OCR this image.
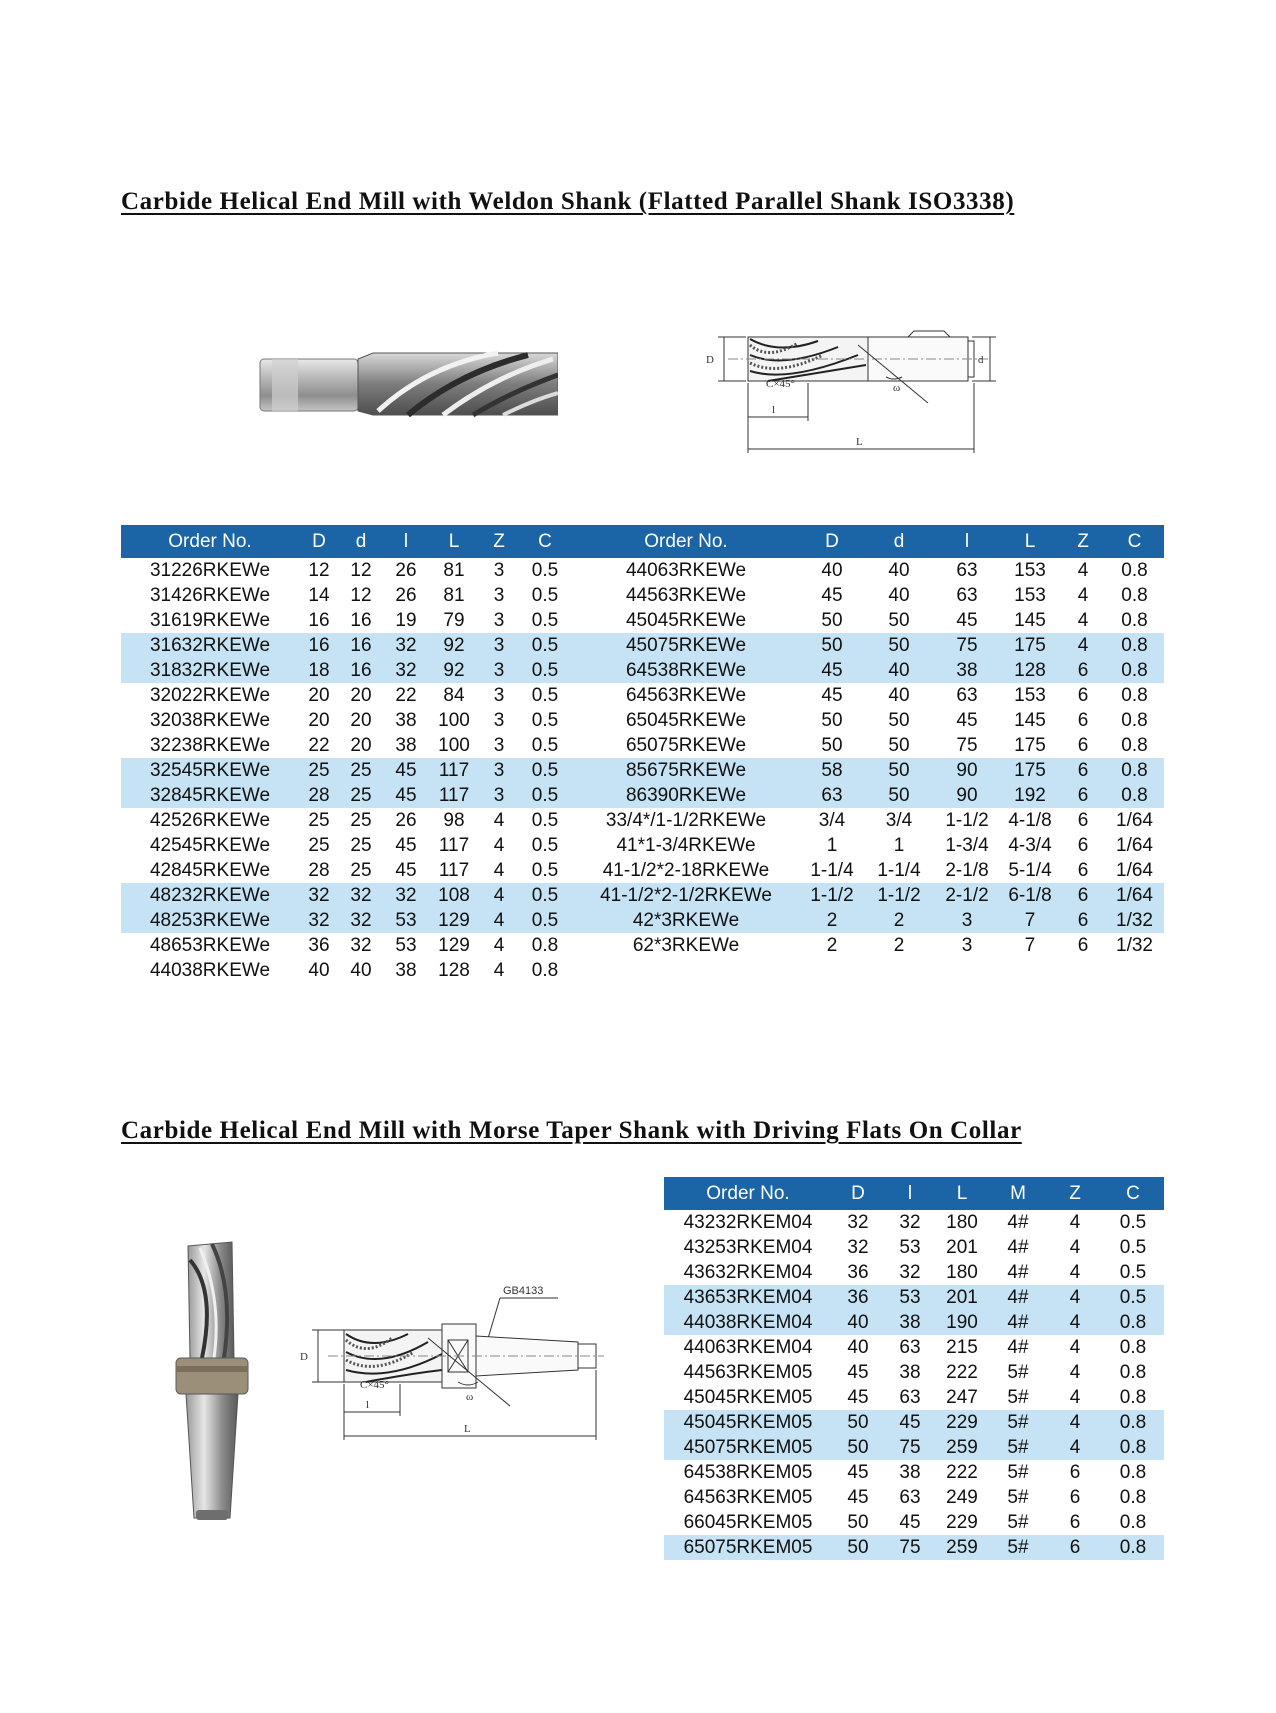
Carbide Helical End Mill with Weldon Shank (Flatted Parallel Shank ISO3338)
D	d
C×45°	ω
l
L
Order No.	D	d	l	L	Z	C	Order No.	D	d	l	L	Z	C
31226RKEWe	12	12	26	81	3	0.5	44063RKEWe	40	40	63	153	4	0.8
31426RKEWe	14	12	26	81	3	0.5	44563RKEWe	45	40	63	153	4	0.8
31619RKEWe	16	16	19	79	3	0.5	45045RKEWe	50	50	45	145	4	0.8
31632RKEWe	16	16	32	92	3	0.5	45075RKEWe	50	50	75	175	4	0.8
31832RKEWe	18	16	32	92	3	0.5	64538RKEWe	45	40	38	128	6	0.8
32022RKEWe	20	20	22	84	3	0.5	64563RKEWe	45	40	63	153	6	0.8
32038RKEWe	20	20	38	100	3	0.5	65045RKEWe	50	50	45	145	6	0.8
32238RKEWe	22	20	38	100	3	0.5	65075RKEWe	50	50	75	175	6	0.8
32545RKEWe	25	25	45	117	3	0.5	85675RKEWe	58	50	90	175	6	0.8
32845RKEWe	28	25	45	117	3	0.5	86390RKEWe	63	50	90	192	6	0.8
42526RKEWe	25	25	26	98	4	0.5	33/4*/1-1/2RKEWe	3/4	3/4	1-1/2	4-1/8	6	1/64
42545RKEWe	25	25	45	117	4	0.5	41*1-3/4RKEWe	1	1	1-3/4	4-3/4	6	1/64
42845RKEWe	28	25	45	117	4	0.5	41-1/2*2-18RKEWe	1-1/4	1-1/4	2-1/8	5-1/4	6	1/64
48232RKEWe	32	32	32	108	4	0.5	41-1/2*2-1/2RKEWe	1-1/2	1-1/2	2-1/2	6-1/8	6	1/64
48253RKEWe	32	32	53	129	4	0.5	42*3RKEWe	2	2	3	7	6	1/32
48653RKEWe	36	32	53	129	4	0.8	62*3RKEWe	2	2	3	7	6	1/32
44038RKEWe	40	40	38	128	4	0.8							
Carbide Helical End Mill with Morse Taper Shank with Driving Flats On Collar
GB4133
D
C×45°
ω
l
L
Order No.	D	l	L	M	Z	C
43232RKEM04	32	32	180	4#	4	0.5
43253RKEM04	32	53	201	4#	4	0.5
43632RKEM04	36	32	180	4#	4	0.5
43653RKEM04	36	53	201	4#	4	0.5
44038RKEM04	40	38	190	4#	4	0.8
44063RKEM04	40	63	215	4#	4	0.8
44563RKEM05	45	38	222	5#	4	0.8
45045RKEM05	45	63	247	5#	4	0.8
45045RKEM05	50	45	229	5#	4	0.8
45075RKEM05	50	75	259	5#	4	0.8
64538RKEM05	45	38	222	5#	6	0.8
64563RKEM05	45	63	249	5#	6	0.8
66045RKEM05	50	45	229	5#	6	0.8
65075RKEM05	50	75	259	5#	6	0.8
